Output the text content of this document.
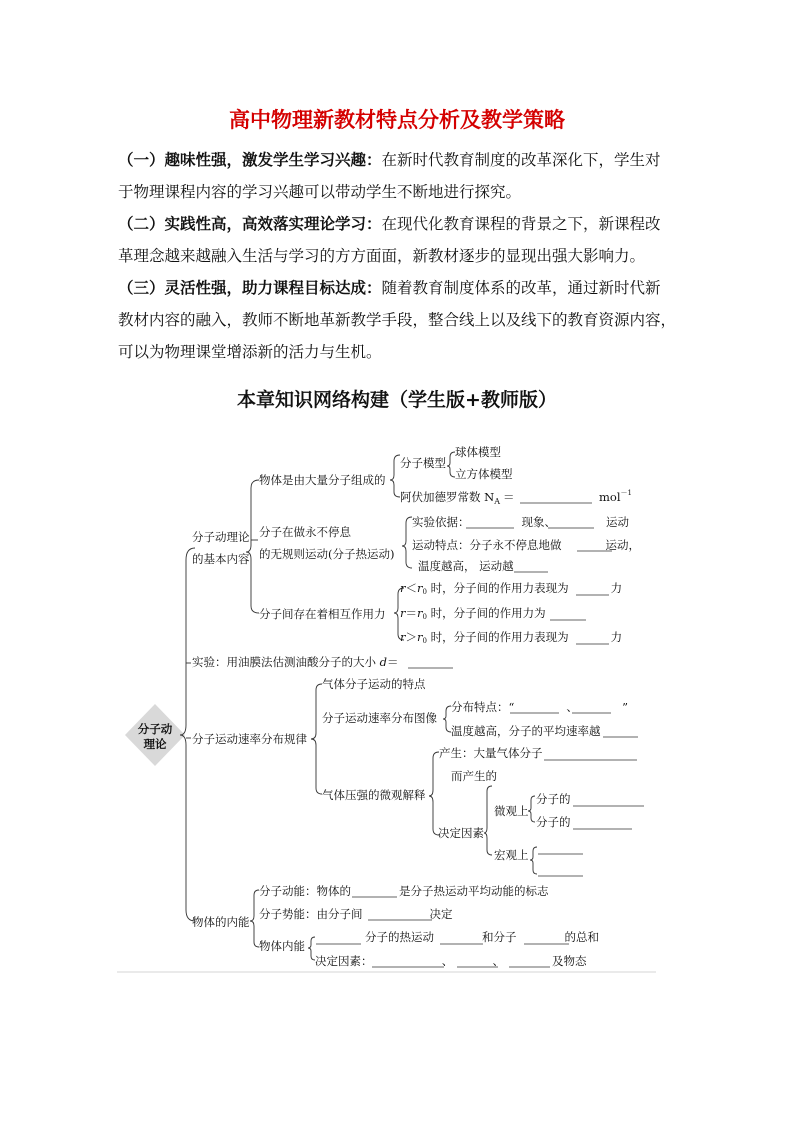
高中物理新教材特点分析及教学策略

（一）趣味性强，激发学生学习兴趣：在新时代教育制度的改革深化下，学生对
于物理课程内容的学习兴趣可以带动学生不断地进行探究。

（二）实践性高，高效落实理论学习：在现代化教育课程的背景之下，新课程改
革理念越来越融入生活与学习的方方面面，新教材逐步的显现出强大影响力。

（三）灵活性强，助力课程目标达成：随着教育制度体系的改革，通过新时代新
教材内容的融入，教师不断地革新教学手段，整合线上以及线下的教育资源内容，
可以为物理课堂增添新的活力与生机。

本章知识网络构建（学生版+教师版）
分子动
理论
分子动理论
的基本内容
物体是由大量分子组成的
分子模型
球体模型
立方体模型
阿伏加德罗常数 $N_A$ ＝	mol$^{-1}$
分子在做永不停息
的无规则运动(分子热运动)
实验依据：	现象、	运动
运动特点：分子永不停息地做	运动，
温度越高， 运动越
分子间存在着相互作用力
r＜r0 时，分子间的作用力表现为	力
r＝r0 时，分子间的作用力为
r＞r0 时，分子间的作用力表现为	力
实验：用油膜法估测油酸分子的大小 d＝
分子运动速率分布规律
气体分子运动的特点
分子运动速率分布图像
分布特点：“	、	”
温度越高，分子的平均速率越
气体压强的微观解释
产生：大量气体分子
而产生的
决定因素
微观上
分子的
分子的
宏观上
物体的内能
分子动能：物体的	是分子热运动平均动能的标志
分子势能：由分子间	决定
物体内能
分子的热运动	和分子	的总和
决定因素：	、	、	及物态
